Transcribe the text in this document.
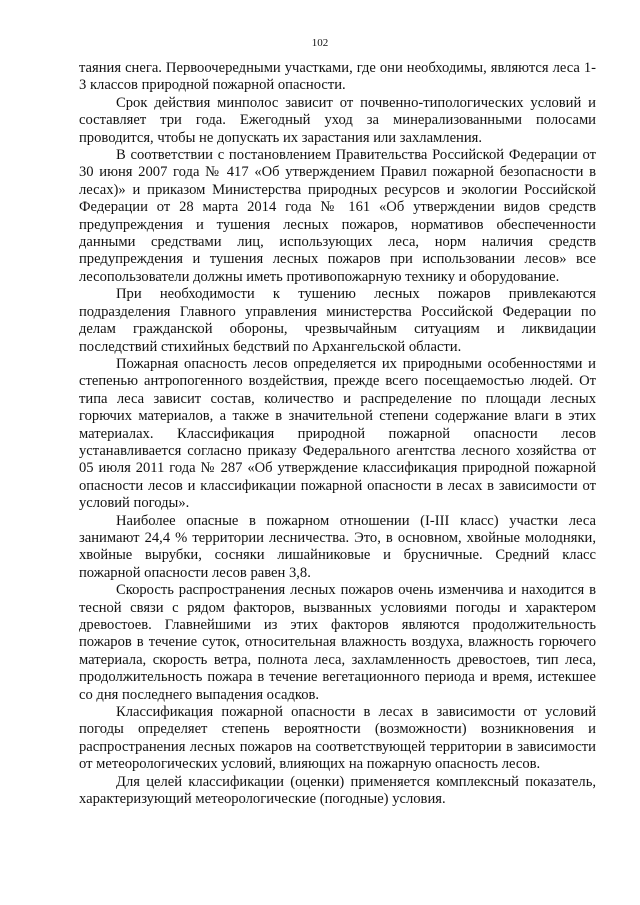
102

таяния снега. Первоочередными участками, где они необходимы, являются леса 1-3 классов природной пожарной опасности.

Срок действия минполос зависит от почвенно-типологических условий и составляет три года. Ежегодный уход за минерализованными полосами проводится, чтобы не допускать их зарастания или захламления.

В соответствии с постановлением Правительства Российской Федерации от 30 июня 2007 года № 417 «Об утверждением Правил пожарной безопасности в лесах)» и приказом Министерства природных ресурсов и экологии Российской Федерации от 28 марта 2014 года № 161 «Об утверждении видов средств предупреждения и тушения лесных пожаров, нормативов обеспеченности данными средствами лиц, использующих леса, норм наличия средств предупреждения и тушения лесных пожаров при использовании лесов» все лесопользователи должны иметь противопожарную технику и оборудование.

При необходимости к тушению лесных пожаров привлекаются подразделения Главного управления министерства Российской Федерации по делам гражданской обороны, чрезвычайным ситуациям и ликвидации последствий стихийных бедствий по Архангельской области.

Пожарная опасность лесов определяется их природными особенностями и степенью антропогенного воздействия, прежде всего посещаемостью людей. От типа леса зависит состав, количество и распределение по площади лесных горючих материалов, а также в значительной степени содержание влаги в этих материалах. Классификация природной пожарной опасности лесов устанавливается согласно приказу Федерального агентства лесного хозяйства от 05 июля 2011 года № 287 «Об утверждение классификация природной пожарной опасности лесов и классификации пожарной опасности в лесах в зависимости от условий погоды».

Наиболее опасные в пожарном отношении (I-III класс) участки леса занимают 24,4 % территории лесничества. Это, в основном, хвойные молодняки, хвойные вырубки, сосняки лишайниковые и брусничные. Средний класс пожарной опасности лесов равен 3,8.

Скорость распространения лесных пожаров очень изменчива и находится в тесной связи с рядом факторов, вызванных условиями погоды и характером древостоев. Главнейшими из этих факторов являются продолжительность пожаров в течение суток, относительная влажность воздуха, влажность горючего материала, скорость ветра, полнота леса, захламленность древостоев, тип леса, продолжительность пожара в течение вегетационного периода и время, истекшее со дня последнего выпадения осадков.

Классификация пожарной опасности в лесах в зависимости от условий погоды определяет степень вероятности (возможности) возникновения и распространения лесных пожаров на соответствующей территории в зависимости от метеорологических условий, влияющих на пожарную опасность лесов.

Для целей классификации (оценки) применяется комплексный показатель, характеризующий метеорологические (погодные) условия.
